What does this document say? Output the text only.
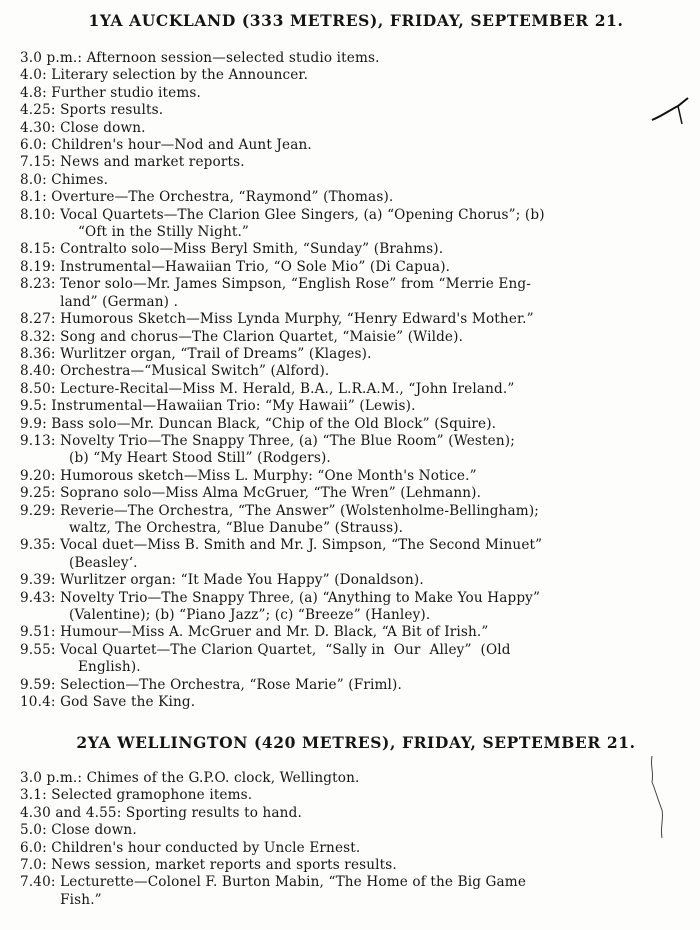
1YA AUCKLAND (333 METRES), FRIDAY, SEPTEMBER 21.
3.0 p.m.: Afternoon session—selected studio items.
4.0: Literary selection by the Announcer.
4.8: Further studio items.
4.25: Sports results.
4.30: Close down.
6.0: Children's hour—Nod and Aunt Jean.
7.15: News and market reports.
8.0: Chimes.
8.1: Overture—The Orchestra, “Raymond” (Thomas).
8.10: Vocal Quartets—The Clarion Glee Singers, (a) “Opening Chorus”; (b)
“Oft in the Stilly Night.”
8.15: Contralto solo—Miss Beryl Smith, “Sunday” (Brahms).
8.19: Instrumental—Hawaiian Trio, “O Sole Mio” (Di Capua).
8.23: Tenor solo—Mr. James Simpson, “English Rose” from “Merrie Eng-
land” (German) .
8.27: Humorous Sketch—Miss Lynda Murphy, “Henry Edward's Mother.”
8.32: Song and chorus—The Clarion Quartet, “Maisie” (Wilde).
8.36: Wurlitzer organ, “Trail of Dreams” (Klages).
8.40: Orchestra—“Musical Switch” (Alford).
8.50: Lecture-Recital—Miss M. Herald, B.A., L.R.A.M., “John Ireland.”
9.5: Instrumental—Hawaiian Trio: “My Hawaii” (Lewis).
9.9: Bass solo—Mr. Duncan Black, “Chip of the Old Block” (Squire).
9.13: Novelty Trio—The Snappy Three, (a) “The Blue Room” (Westen);
(b) “My Heart Stood Still” (Rodgers).
9.20: Humorous sketch—Miss L. Murphy: “One Month's Notice.”
9.25: Soprano solo—Miss Alma McGruer, “The Wren” (Lehmann).
9.29: Reverie—The Orchestra, “The Answer” (Wolstenholme-Bellingham);
waltz, The Orchestra, “Blue Danube” (Strauss).
9.35: Vocal duet—Miss B. Smith and Mr. J. Simpson, “The Second Minuet”
(Beasley‘.
9.39: Wurlitzer organ: “It Made You Happy” (Donaldson).
9.43: Novelty Trio—The Snappy Three, (a) “Anything to Make You Happy”
(Valentine); (b) “Piano Jazz”; (c) “Breeze” (Hanley).
9.51: Humour—Miss A. McGruer and Mr. D. Black, “A Bit of Irish.”
9.55: Vocal Quartet—The Clarion Quartet,  “Sally in  Our  Alley”  (Old
English).
9.59: Selection—The Orchestra, “Rose Marie” (Friml).
10.4: God Save the King.
2YA WELLINGTON (420 METRES), FRIDAY, SEPTEMBER 21.
3.0 p.m.: Chimes of the G.P.O. clock, Wellington.
3.1: Selected gramophone items.
4.30 and 4.55: Sporting results to hand.
5.0: Close down.
6.0: Children's hour conducted by Uncle Ernest.
7.0: News session, market reports and sports results.
7.40: Lecturette—Colonel F. Burton Mabin, “The Home of the Big Game
Fish.”
